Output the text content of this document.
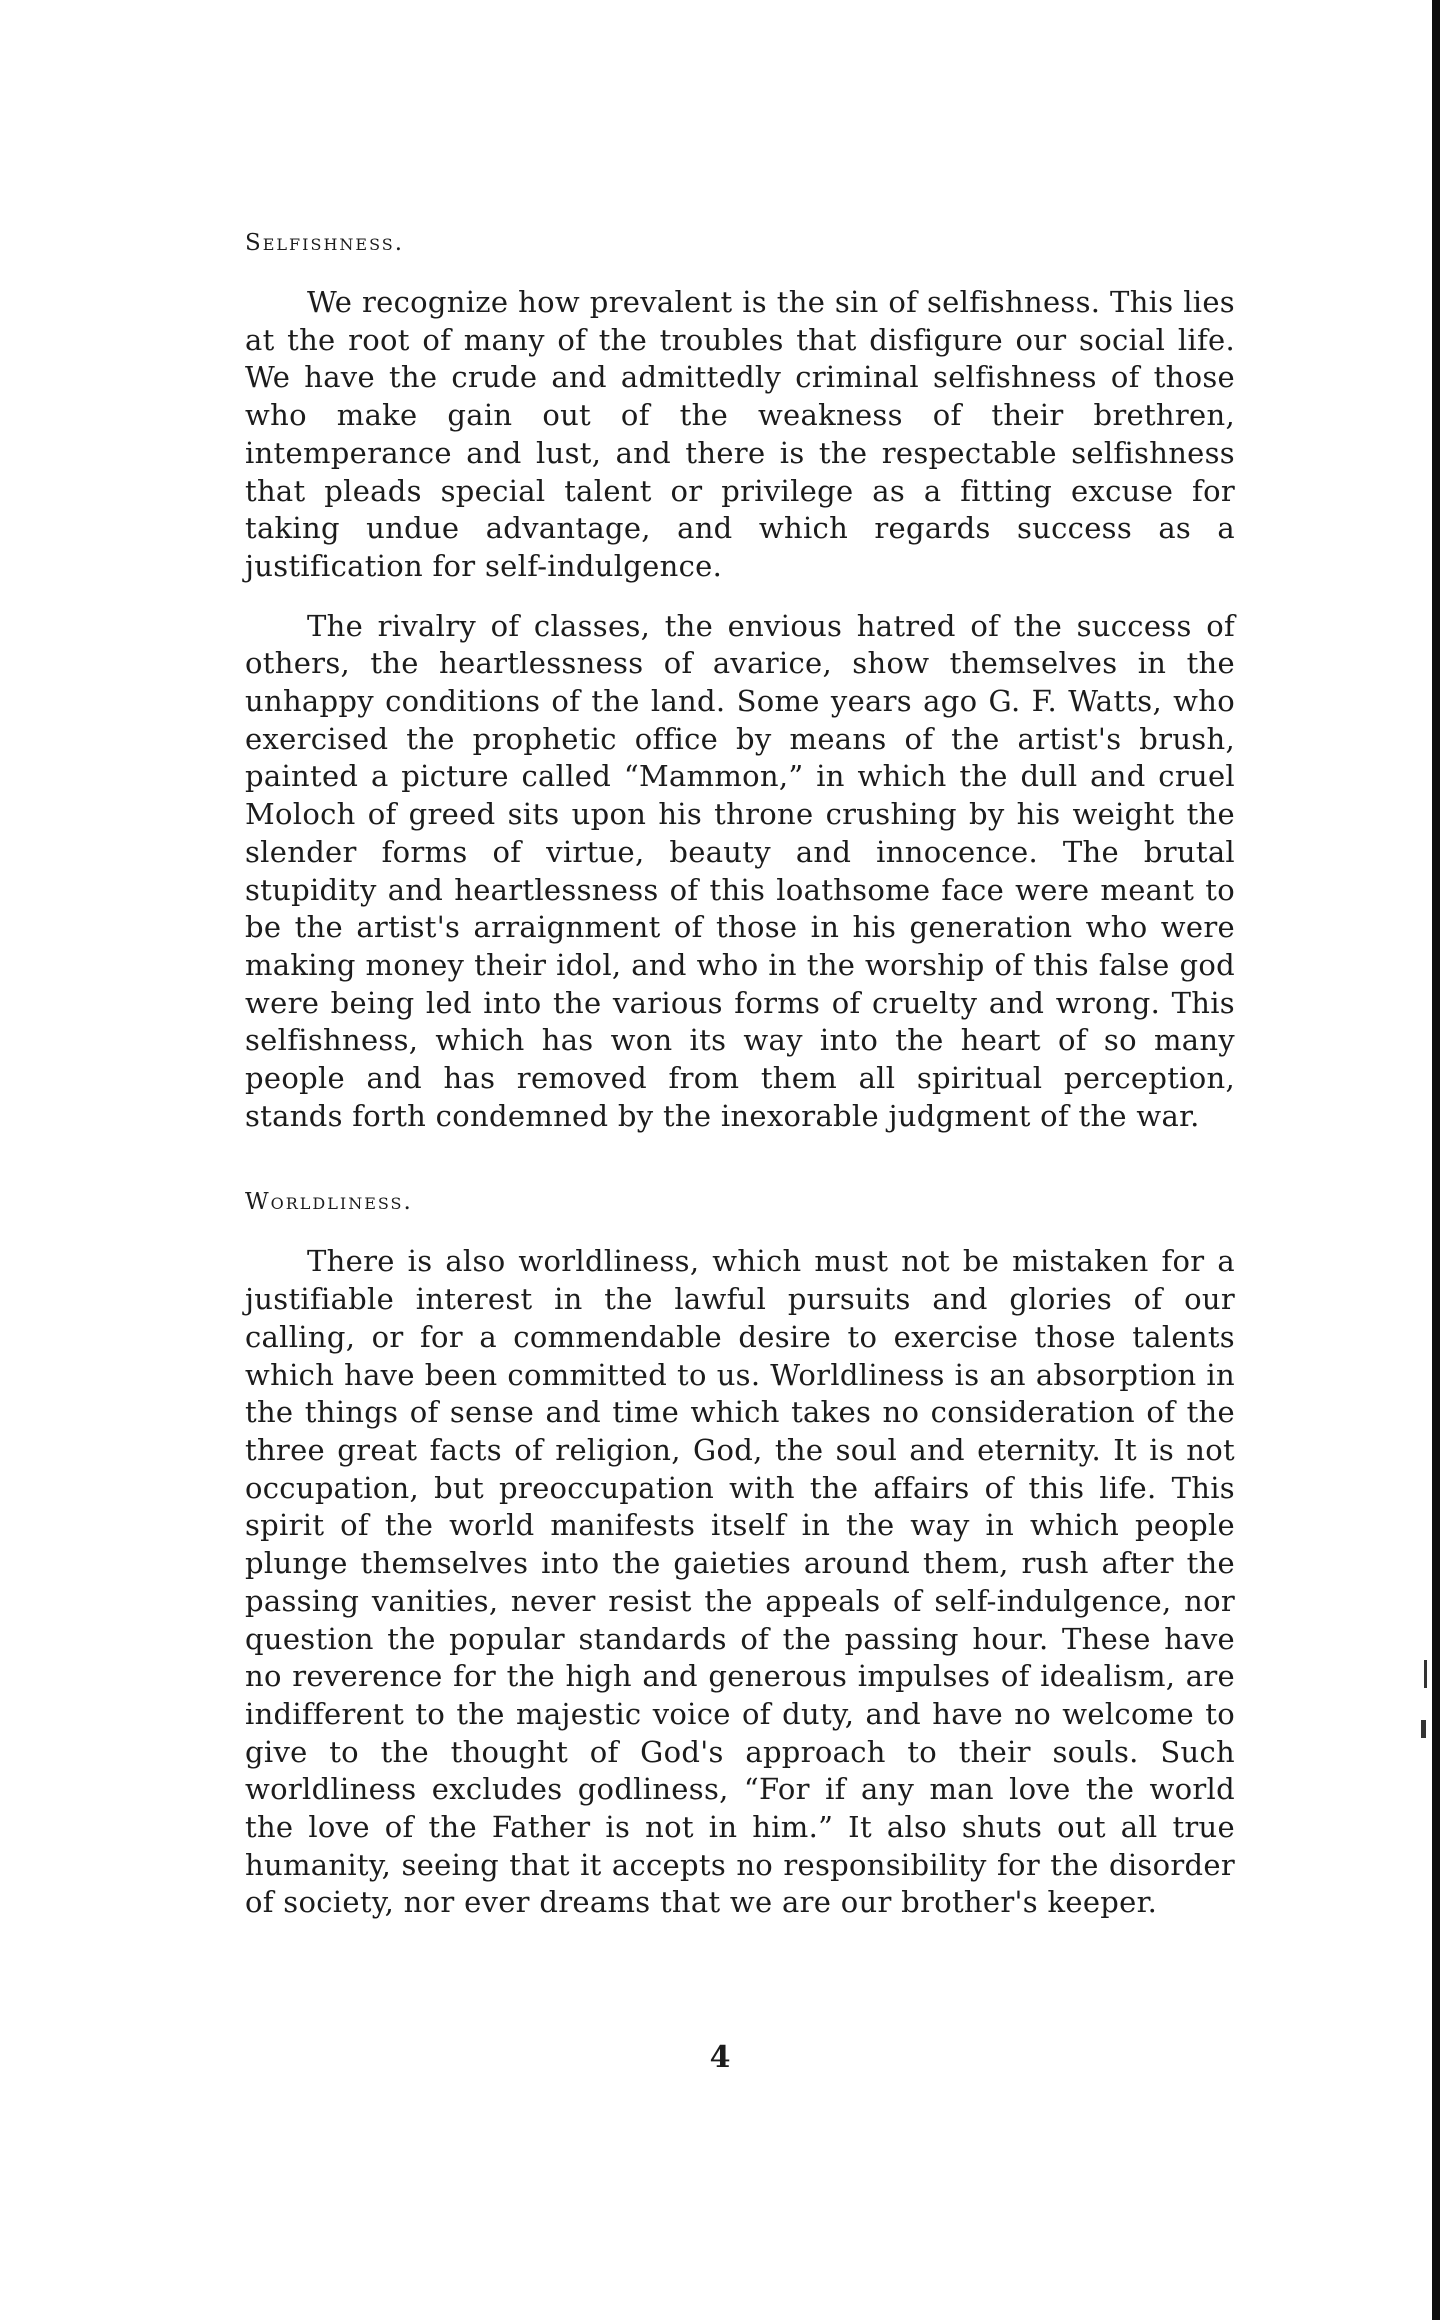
Selfishness.

We recognize how prevalent is the sin of selfishness. This lies at the root of many of the troubles that disfigure our social life. We have the crude and admittedly criminal selfishness of those who make gain out of the weakness of their brethren, intemperance and lust, and there is the respectable selfishness that pleads special talent or privilege as a fitting excuse for taking undue advantage, and which regards success as a justification for self-indulgence.

The rivalry of classes, the envious hatred of the success of others, the heartlessness of avarice, show themselves in the unhappy conditions of the land. Some years ago G. F. Watts, who exercised the prophetic office by means of the artist's brush, painted a picture called “Mammon,” in which the dull and cruel Moloch of greed sits upon his throne crushing by his weight the slender forms of virtue, beauty and innocence. The brutal stupidity and heartlessness of this loathsome face were meant to be the artist's arraignment of those in his generation who were making money their idol, and who in the worship of this false god were being led into the various forms of cruelty and wrong. This selfishness, which has won its way into the heart of so many people and has removed from them all spiritual perception, stands forth condemned by the inexorable judgment of the war.

Worldliness.

There is also worldliness, which must not be mistaken for a justifiable interest in the lawful pursuits and glories of our calling, or for a commendable desire to exercise those talents which have been committed to us. Worldliness is an absorption in the things of sense and time which takes no consideration of the three great facts of religion, God, the soul and eternity. It is not occupation, but preoccupation with the affairs of this life. This spirit of the world manifests itself in the way in which people plunge themselves into the gaieties around them, rush after the passing vanities, never resist the appeals of self-indulgence, nor question the popular standards of the passing hour. These have no reverence for the high and generous impulses of idealism, are indifferent to the majestic voice of duty, and have no welcome to give to the thought of God's approach to their souls. Such worldliness excludes godliness, “For if any man love the world the love of the Father is not in him.” It also shuts out all true humanity, seeing that it accepts no responsibility for the disorder of society, nor ever dreams that we are our brother's keeper.

4
